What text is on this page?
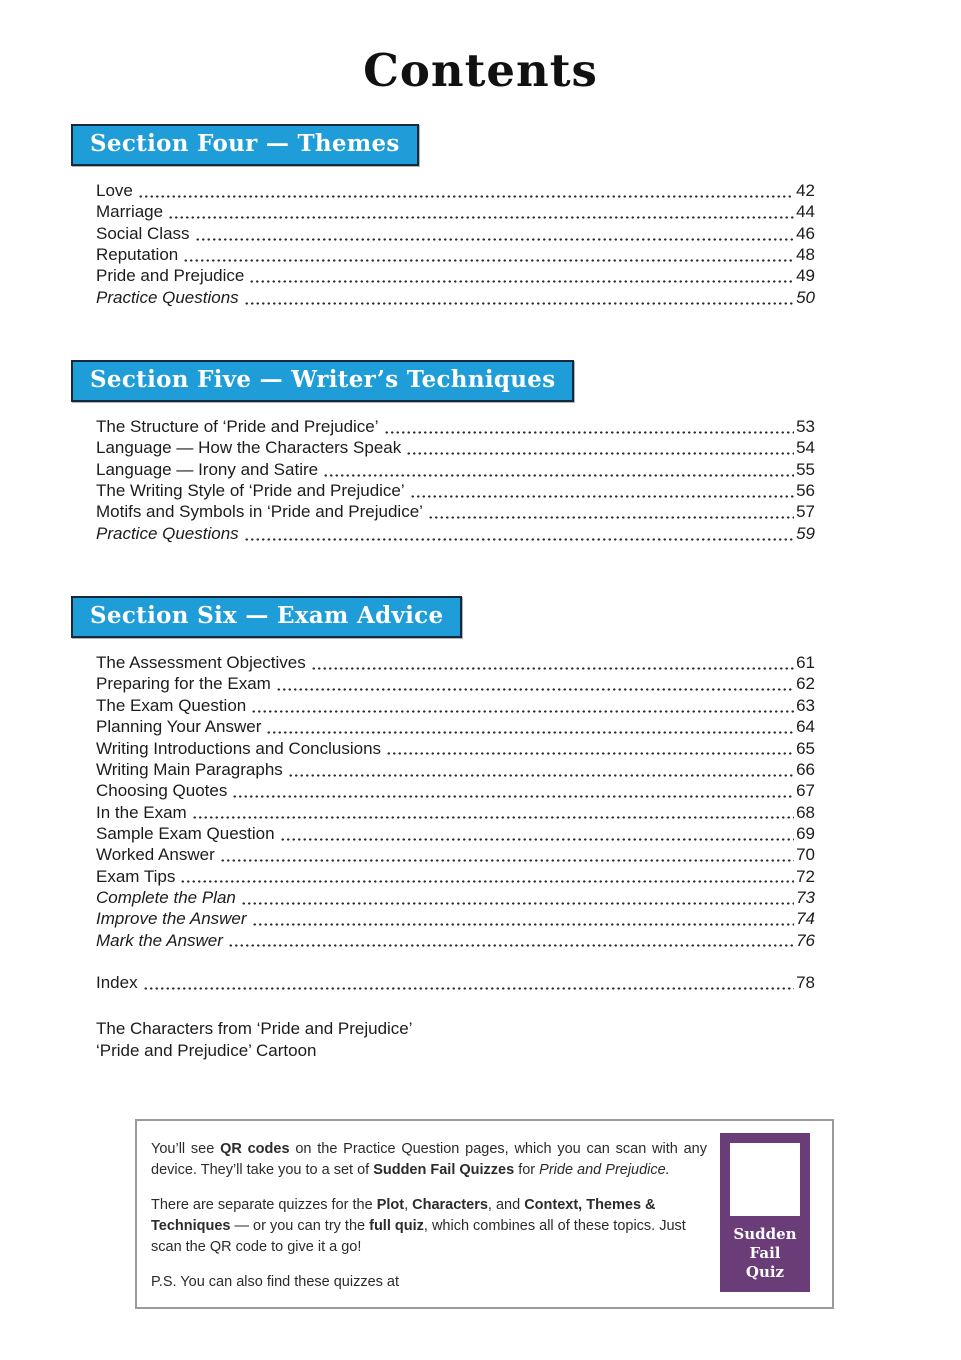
Contents
Section Four — Themes
Love	42
Marriage	44
Social Class	46
Reputation	48
Pride and Prejudice	49
Practice Questions	50
Section Five — Writer’s Techniques
The Structure of ‘Pride and Prejudice’	53
Language — How the Characters Speak	54
Language — Irony and Satire	55
The Writing Style of ‘Pride and Prejudice’	56
Motifs and Symbols in ‘Pride and Prejudice’	57
Practice Questions	59
Section Six — Exam Advice
The Assessment Objectives	61
Preparing for the Exam	62
The Exam Question	63
Planning Your Answer	64
Writing Introductions and Conclusions	65
Writing Main Paragraphs	66
Choosing Quotes	67
In the Exam	68
Sample Exam Question	69
Worked Answer	70
Exam Tips	72
Complete the Plan	73
Improve the Answer	74
Mark the Answer	76
Index	78
The Characters from ‘Pride and Prejudice’
‘Pride and Prejudice’ Cartoon

You’ll see QR codes on the Practice Question pages, which you can scan with any device. They’ll take you to a set of Sudden Fail Quizzes for Pride and Prejudice.

There are separate quizzes for the Plot, Characters, and Context, Themes & Techniques — or you can try the full quiz, which combines all of these topics. Just scan the QR code to give it a go!

P.S. You can also find these quizzes at

Sudden
Fail Quiz
